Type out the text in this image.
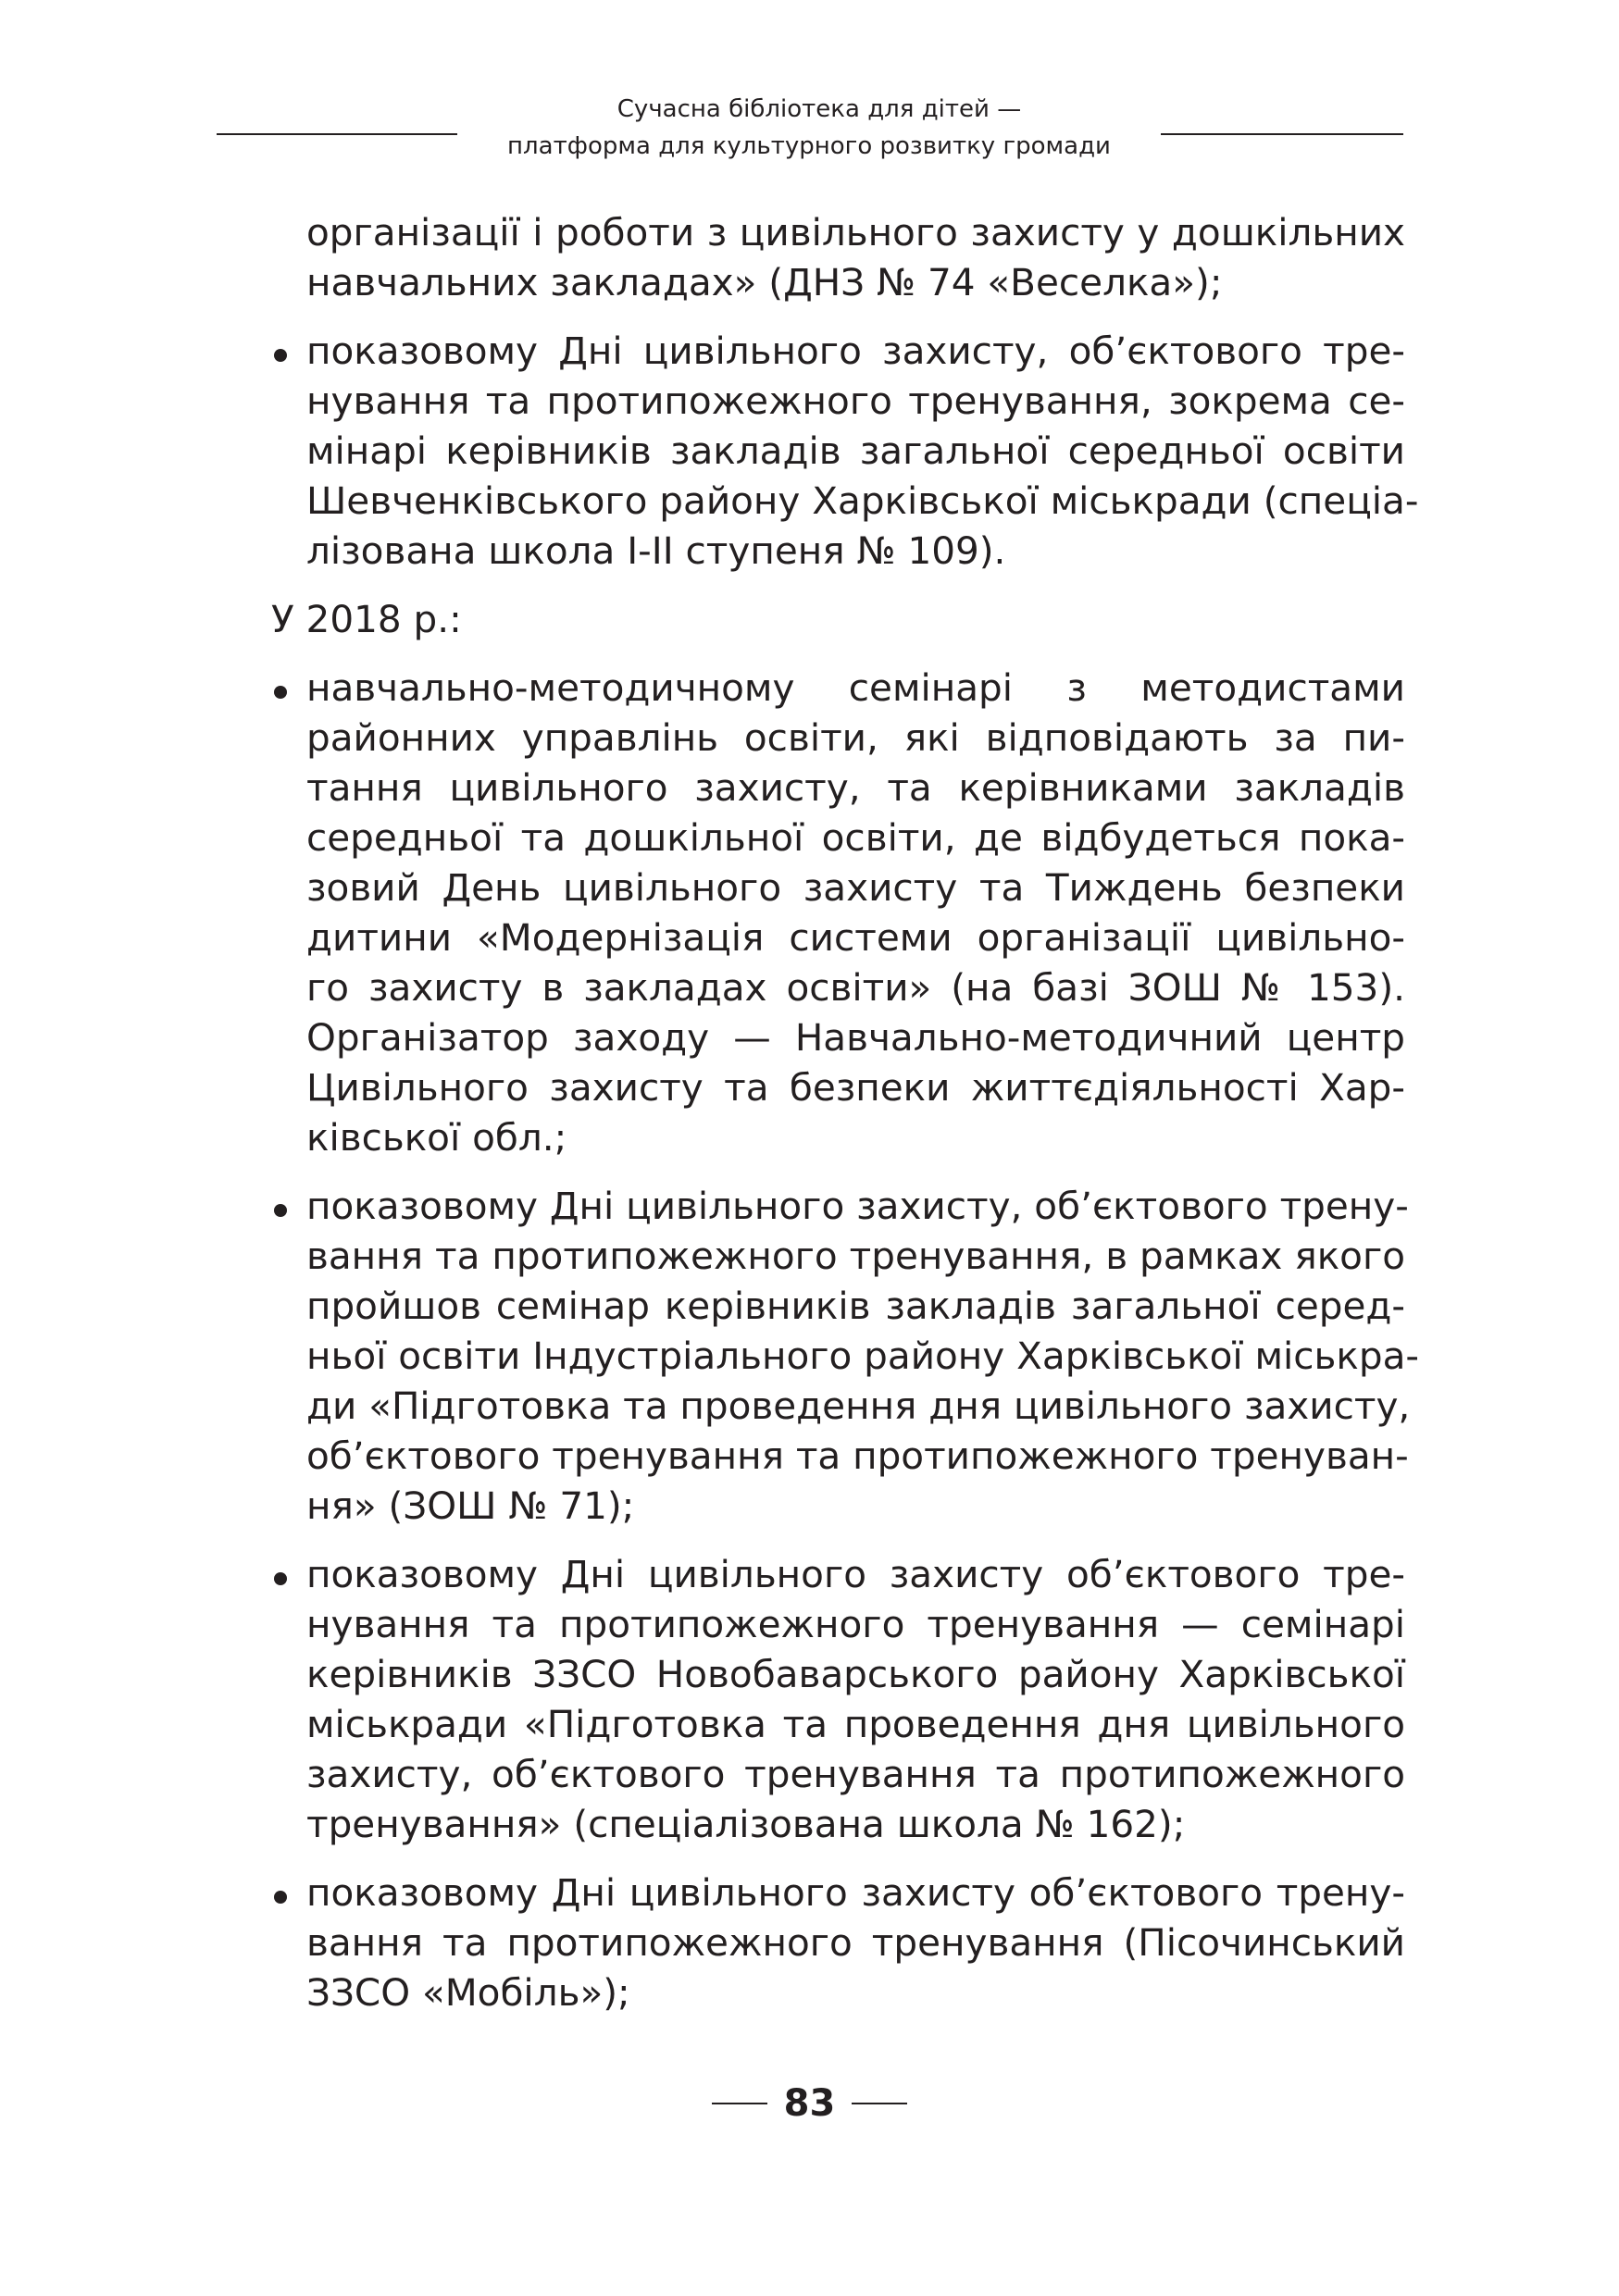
Сучасна бібліотека для дітей —
платформа для культурного розвитку громади
організації і роботи з цивільного захисту у дошкільних
навчальних закладах» (ДНЗ № 74 «Веселка»);
показовому Дні цивільного захисту, об’єктового тре-
нування та протипожежного тренування, зокрема се-
мінарі керівників закладів загальної середньої освіти
Шевченківського району Харківської міськради (спеціа-
лізована школа І-ІІ ступеня № 109).
У 2018 р.:
навчально-методичному семінарі з методистами
районних управлінь освіти, які відповідають за пи-
тання цивільного захисту, та керівниками закладів
середньої та дошкільної освіти, де відбудеться пока-
зовий День цивільного захисту та Тиждень безпеки
дитини «Модернізація системи організації цивільно-
го захисту в закладах освіти» (на базі ЗОШ № 153).
Організатор заходу — Навчально-методичний центр
Цивільного захисту та безпеки життєдіяльності Хар-
ківської обл.;
показовому Дні цивільного захисту, об’єктового трену-
вання та протипожежного тренування, в рамках якого
пройшов семінар керівників закладів загальної серед-
ньої освіти Індустріального району Харківської міськра-
ди «Підготовка та проведення дня цивільного захисту,
об’єктового тренування та протипожежного тренуван-
ня» (ЗОШ № 71);
показовому Дні цивільного захисту об’єктового тре-
нування та протипожежного тренування — семінарі
керівників ЗЗСО Новобаварського району Харківської
міськради «Підготовка та проведення дня цивільного
захисту, об’єктового тренування та протипожежного
тренування» (спеціалізована школа № 162);
показовому Дні цивільного захисту об’єктового трену-
вання та протипожежного тренування (Пісочинський
ЗЗСО «Мобіль»);
83
